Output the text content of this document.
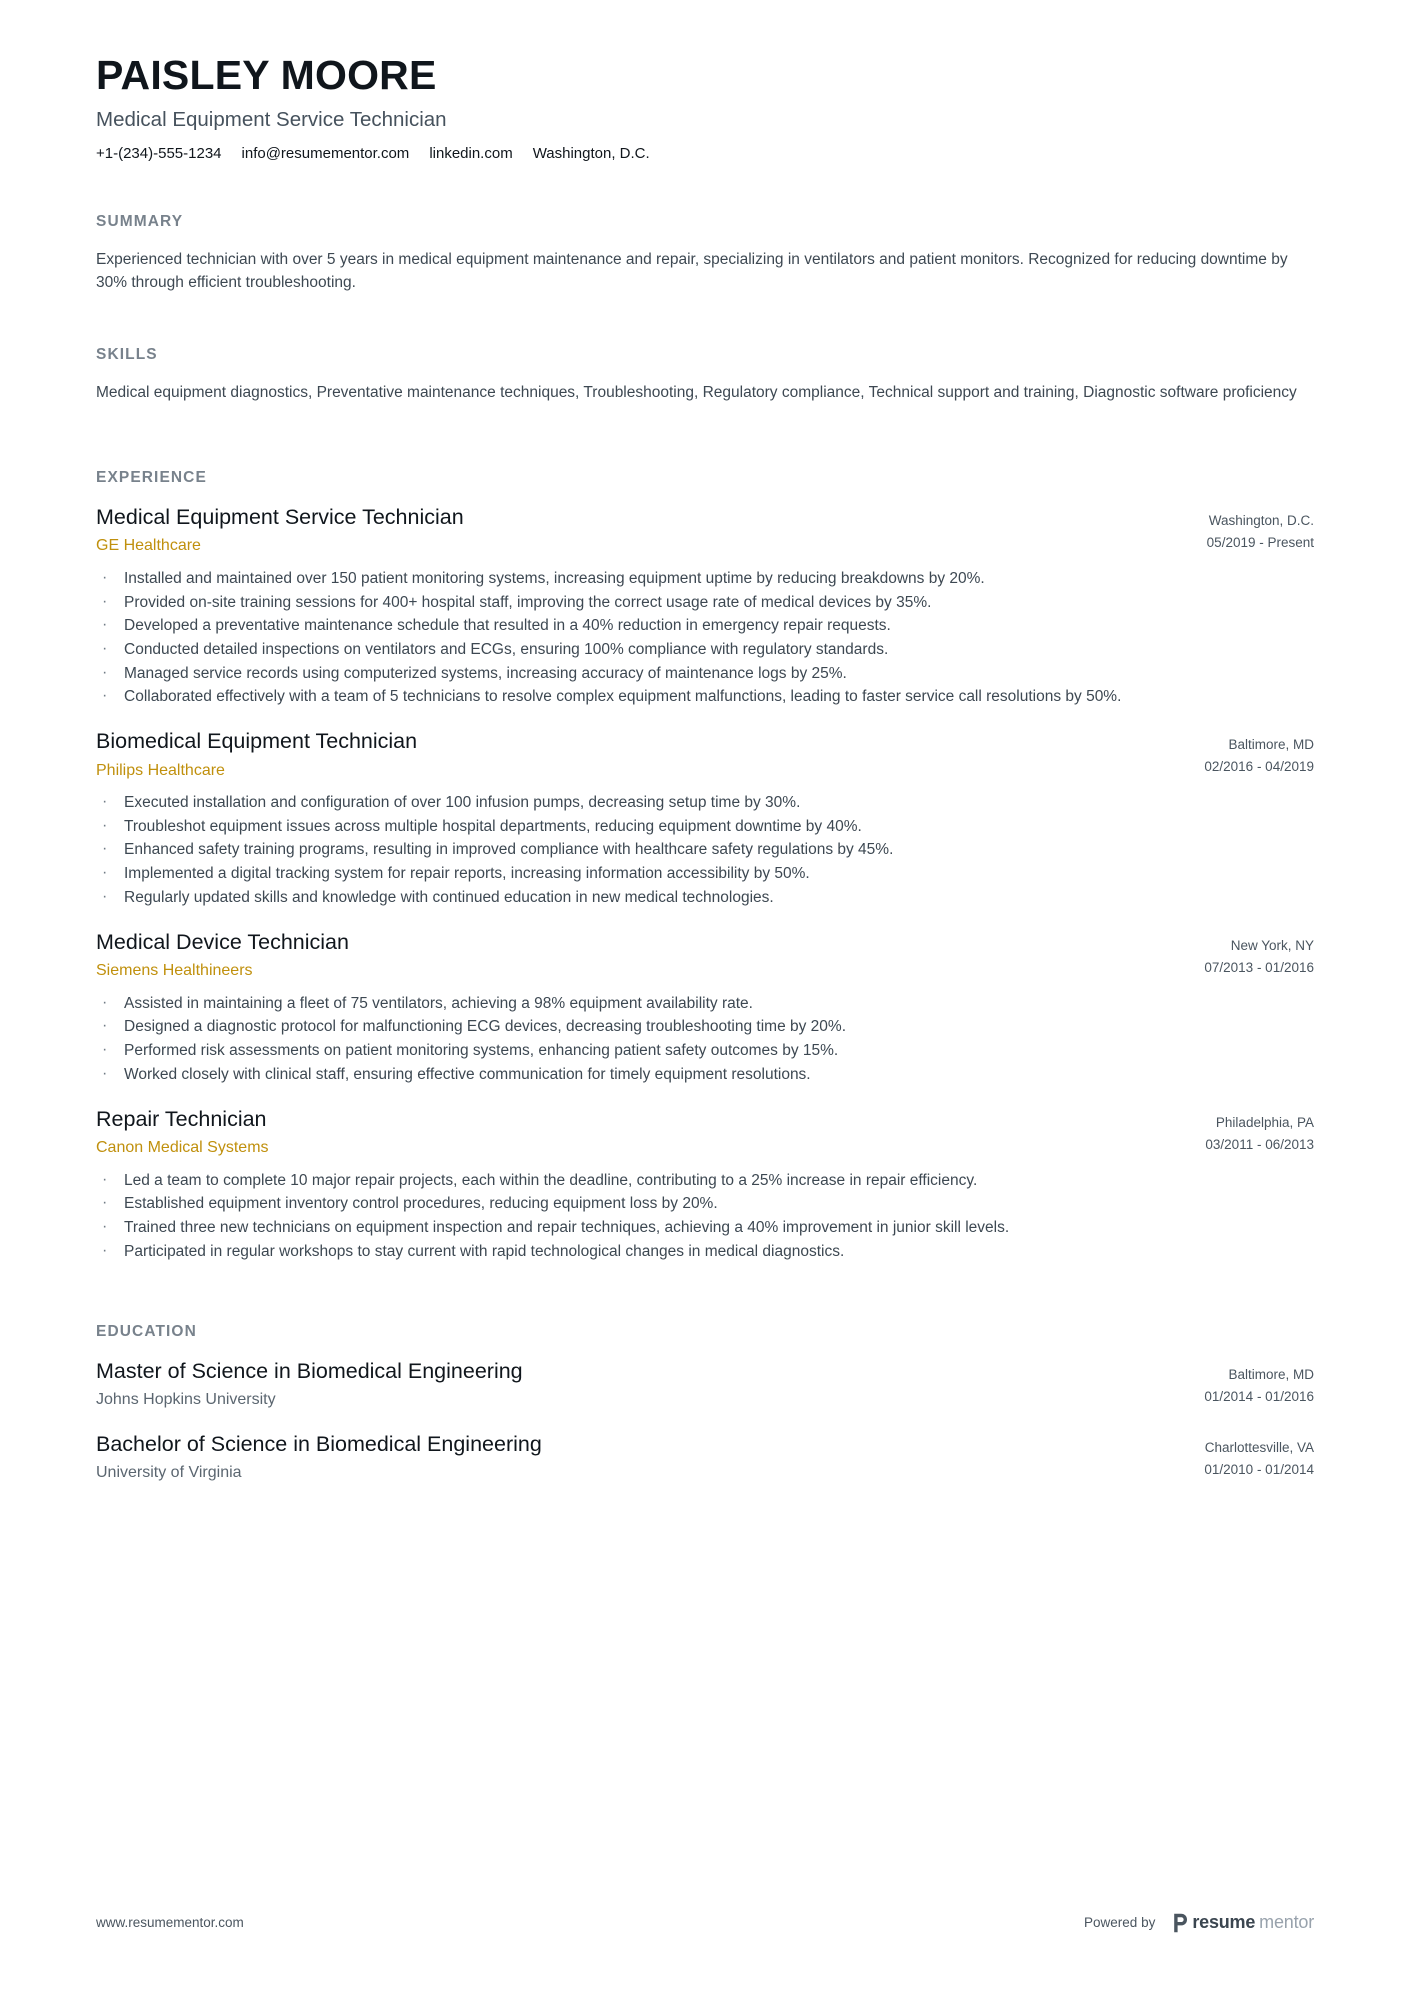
PAISLEY MOORE
Medical Equipment Service Technician
+1-(234)-555-1234 info@resumementor.com linkedin.com Washington, D.C.
SUMMARY
Experienced technician with over 5 years in medical equipment maintenance and repair, specializing in ventilators and patient monitors. Recognized for reducing downtime by 30% through efficient troubleshooting.
SKILLS
Medical equipment diagnostics, Preventative maintenance techniques, Troubleshooting, Regulatory compliance, Technical support and training, Diagnostic software proficiency
EXPERIENCE
Medical Equipment Service Technician
GE Healthcare
Washington, D.C.
05/2019 - Present
· Installed and maintained over 150 patient monitoring systems, increasing equipment uptime by reducing breakdowns by 20%.
· Provided on-site training sessions for 400+ hospital staff, improving the correct usage rate of medical devices by 35%.
· Developed a preventative maintenance schedule that resulted in a 40% reduction in emergency repair requests.
· Conducted detailed inspections on ventilators and ECGs, ensuring 100% compliance with regulatory standards.
· Managed service records using computerized systems, increasing accuracy of maintenance logs by 25%.
· Collaborated effectively with a team of 5 technicians to resolve complex equipment malfunctions, leading to faster service call resolutions by 50%.
Biomedical Equipment Technician
Philips Healthcare
Baltimore, MD
02/2016 - 04/2019
· Executed installation and configuration of over 100 infusion pumps, decreasing setup time by 30%.
· Troubleshot equipment issues across multiple hospital departments, reducing equipment downtime by 40%.
· Enhanced safety training programs, resulting in improved compliance with healthcare safety regulations by 45%.
· Implemented a digital tracking system for repair reports, increasing information accessibility by 50%.
· Regularly updated skills and knowledge with continued education in new medical technologies.
Medical Device Technician
Siemens Healthineers
New York, NY
07/2013 - 01/2016
· Assisted in maintaining a fleet of 75 ventilators, achieving a 98% equipment availability rate.
· Designed a diagnostic protocol for malfunctioning ECG devices, decreasing troubleshooting time by 20%.
· Performed risk assessments on patient monitoring systems, enhancing patient safety outcomes by 15%.
· Worked closely with clinical staff, ensuring effective communication for timely equipment resolutions.
Repair Technician
Canon Medical Systems
Philadelphia, PA
03/2011 - 06/2013
· Led a team to complete 10 major repair projects, each within the deadline, contributing to a 25% increase in repair efficiency.
· Established equipment inventory control procedures, reducing equipment loss by 20%.
· Trained three new technicians on equipment inspection and repair techniques, achieving a 40% improvement in junior skill levels.
· Participated in regular workshops to stay current with rapid technological changes in medical diagnostics.
EDUCATION
Master of Science in Biomedical Engineering
Johns Hopkins University
Baltimore, MD
01/2014 - 01/2016
Bachelor of Science in Biomedical Engineering
University of Virginia
Charlottesville, VA
01/2010 - 01/2014
www.resumementor.com	Powered by resume mentor
